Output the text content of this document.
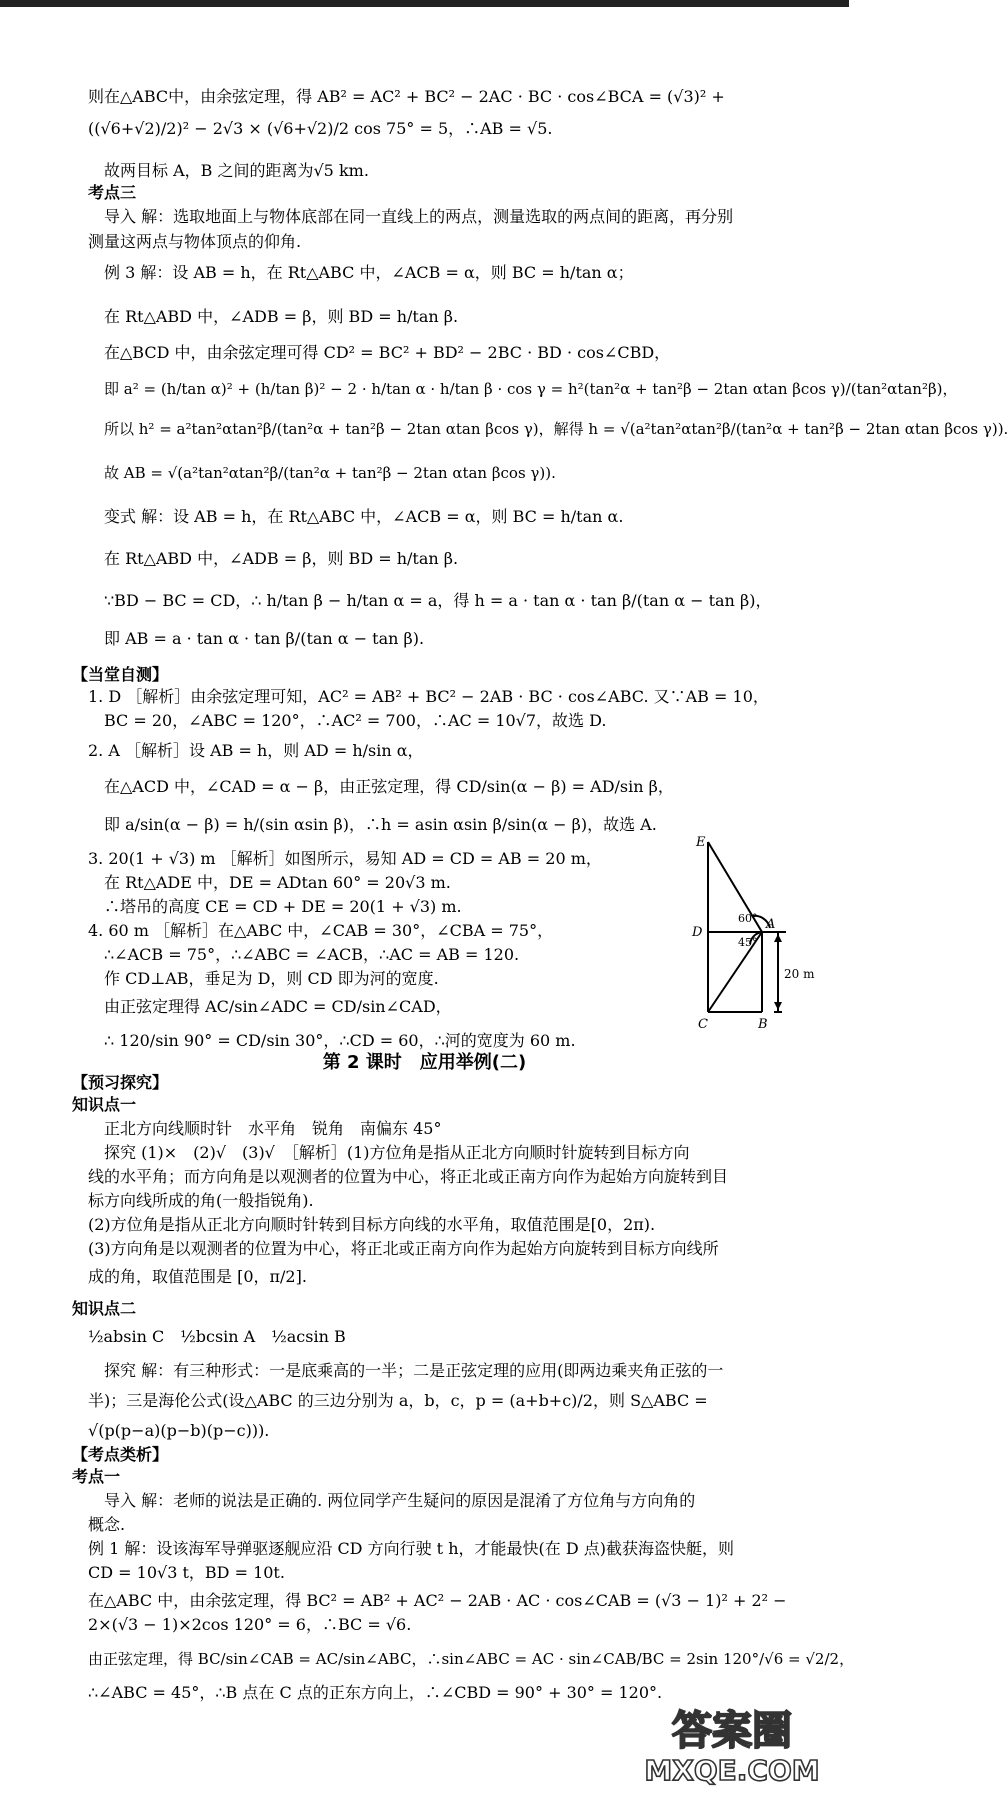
则在△ABC中，由余弦定理，得 AB² = AC² + BC² − 2AC · BC · cos∠BCA = (√3)² +
((√6+√2)/2)² − 2√3 × (√6+√2)/2 cos 75° = 5，∴AB = √5.
故两目标 A，B 之间的距离为√5 km.
考点三
导入 解：选取地面上与物体底部在同一直线上的两点，测量选取的两点间的距离，再分别
测量这两点与物体顶点的仰角.
例 3 解：设 AB = h，在 Rt△ABC 中，∠ACB = α，则 BC = h/tan α；
在 Rt△ABD 中，∠ADB = β，则 BD = h/tan β.
在△BCD 中，由余弦定理可得 CD² = BC² + BD² − 2BC · BD · cos∠CBD，
即 a² = (h/tan α)² + (h/tan β)² − 2 · h/tan α · h/tan β · cos γ = h²(tan²α + tan²β − 2tan αtan βcos γ)/(tan²αtan²β)，
所以 h² = a²tan²αtan²β/(tan²α + tan²β − 2tan αtan βcos γ)，解得 h = √(a²tan²αtan²β/(tan²α + tan²β − 2tan αtan βcos γ)).
故 AB = √(a²tan²αtan²β/(tan²α + tan²β − 2tan αtan βcos γ)).
变式 解：设 AB = h，在 Rt△ABC 中，∠ACB = α，则 BC = h/tan α.
在 Rt△ABD 中，∠ADB = β，则 BD = h/tan β.
∵BD − BC = CD，∴ h/tan β − h/tan α = a，得 h = a · tan α · tan β/(tan α − tan β)，
即 AB = a · tan α · tan β/(tan α − tan β).
【当堂自测】
1. D ［解析］由余弦定理可知，AC² = AB² + BC² − 2AB · BC · cos∠ABC. 又∵AB = 10，
BC = 20，∠ABC = 120°，∴AC² = 700，∴AC = 10√7，故选 D.
2. A ［解析］设 AB = h，则 AD = h/sin α，
在△ACD 中，∠CAD = α − β，由正弦定理，得 CD/sin(α − β) = AD/sin β，
即 a/sin(α − β) = h/(sin αsin β)，∴h = asin αsin β/sin(α − β)，故选 A.
3. 20(1 + √3) m ［解析］如图所示，易知 AD = CD = AB = 20 m，
在 Rt△ADE 中，DE = ADtan 60° = 20√3 m.
∴塔吊的高度 CE = CD + DE = 20(1 + √3) m.
4. 60 m ［解析］在△ABC 中，∠CAB = 30°，∠CBA = 75°，
∴∠ACB = 75°，∴∠ABC = ∠ACB，∴AC = AB = 120.
作 CD⊥AB，垂足为 D，则 CD 即为河的宽度.
由正弦定理得 AC/sin∠ADC = CD/sin∠CAD，
∴ 120/sin 90° = CD/sin 30°，∴CD = 60，∴河的宽度为 60 m.
第 2 课时　应用举例(二)
【预习探究】
知识点一
正北方向线顺时针　水平角　锐角　南偏东 45°
探究 (1)×　(2)√　(3)√　［解析］(1)方位角是指从正北方向顺时针旋转到目标方向
线的水平角；而方向角是以观测者的位置为中心，将正北或正南方向作为起始方向旋转到目
标方向线所成的角(一般指锐角).
(2)方位角是指从正北方向顺时针转到目标方向线的水平角，取值范围是[0，2π).
(3)方向角是以观测者的位置为中心，将正北或正南方向作为起始方向旋转到目标方向线所
成的角，取值范围是 [0，π/2].
知识点二
½absin C　½bcsin A　½acsin B
探究 解：有三种形式：一是底乘高的一半；二是正弦定理的应用(即两边乘夹角正弦的一
半)；三是海伦公式(设△ABC 的三边分别为 a，b，c，p = (a+b+c)/2，则 S△ABC =
√(p(p−a)(p−b)(p−c))).
【考点类析】
考点一
导入 解：老师的说法是正确的. 两位同学产生疑问的原因是混淆了方位角与方向角的
概念.
例 1 解：设该海军导弹驱逐舰应沿 CD 方向行驶 t h，才能最快(在 D 点)截获海盗快艇，则
CD = 10√3 t，BD = 10t.
在△ABC 中，由余弦定理，得 BC² = AB² + AC² − 2AB · AC · cos∠CAB = (√3 − 1)² + 2² −
2×(√3 − 1)×2cos 120° = 6，∴BC = √6.
由正弦定理，得 BC/sin∠CAB = AC/sin∠ABC，∴sin∠ABC = AC · sin∠CAB/BC = 2sin 120°/√6 = √2/2，
∴∠ABC = 45°，∴B 点在 C 点的正东方向上，∴∠CBD = 90° + 30° = 120°.
E
60° A
D
45°
20 m
C	B
答案圈
MXQE.COM
